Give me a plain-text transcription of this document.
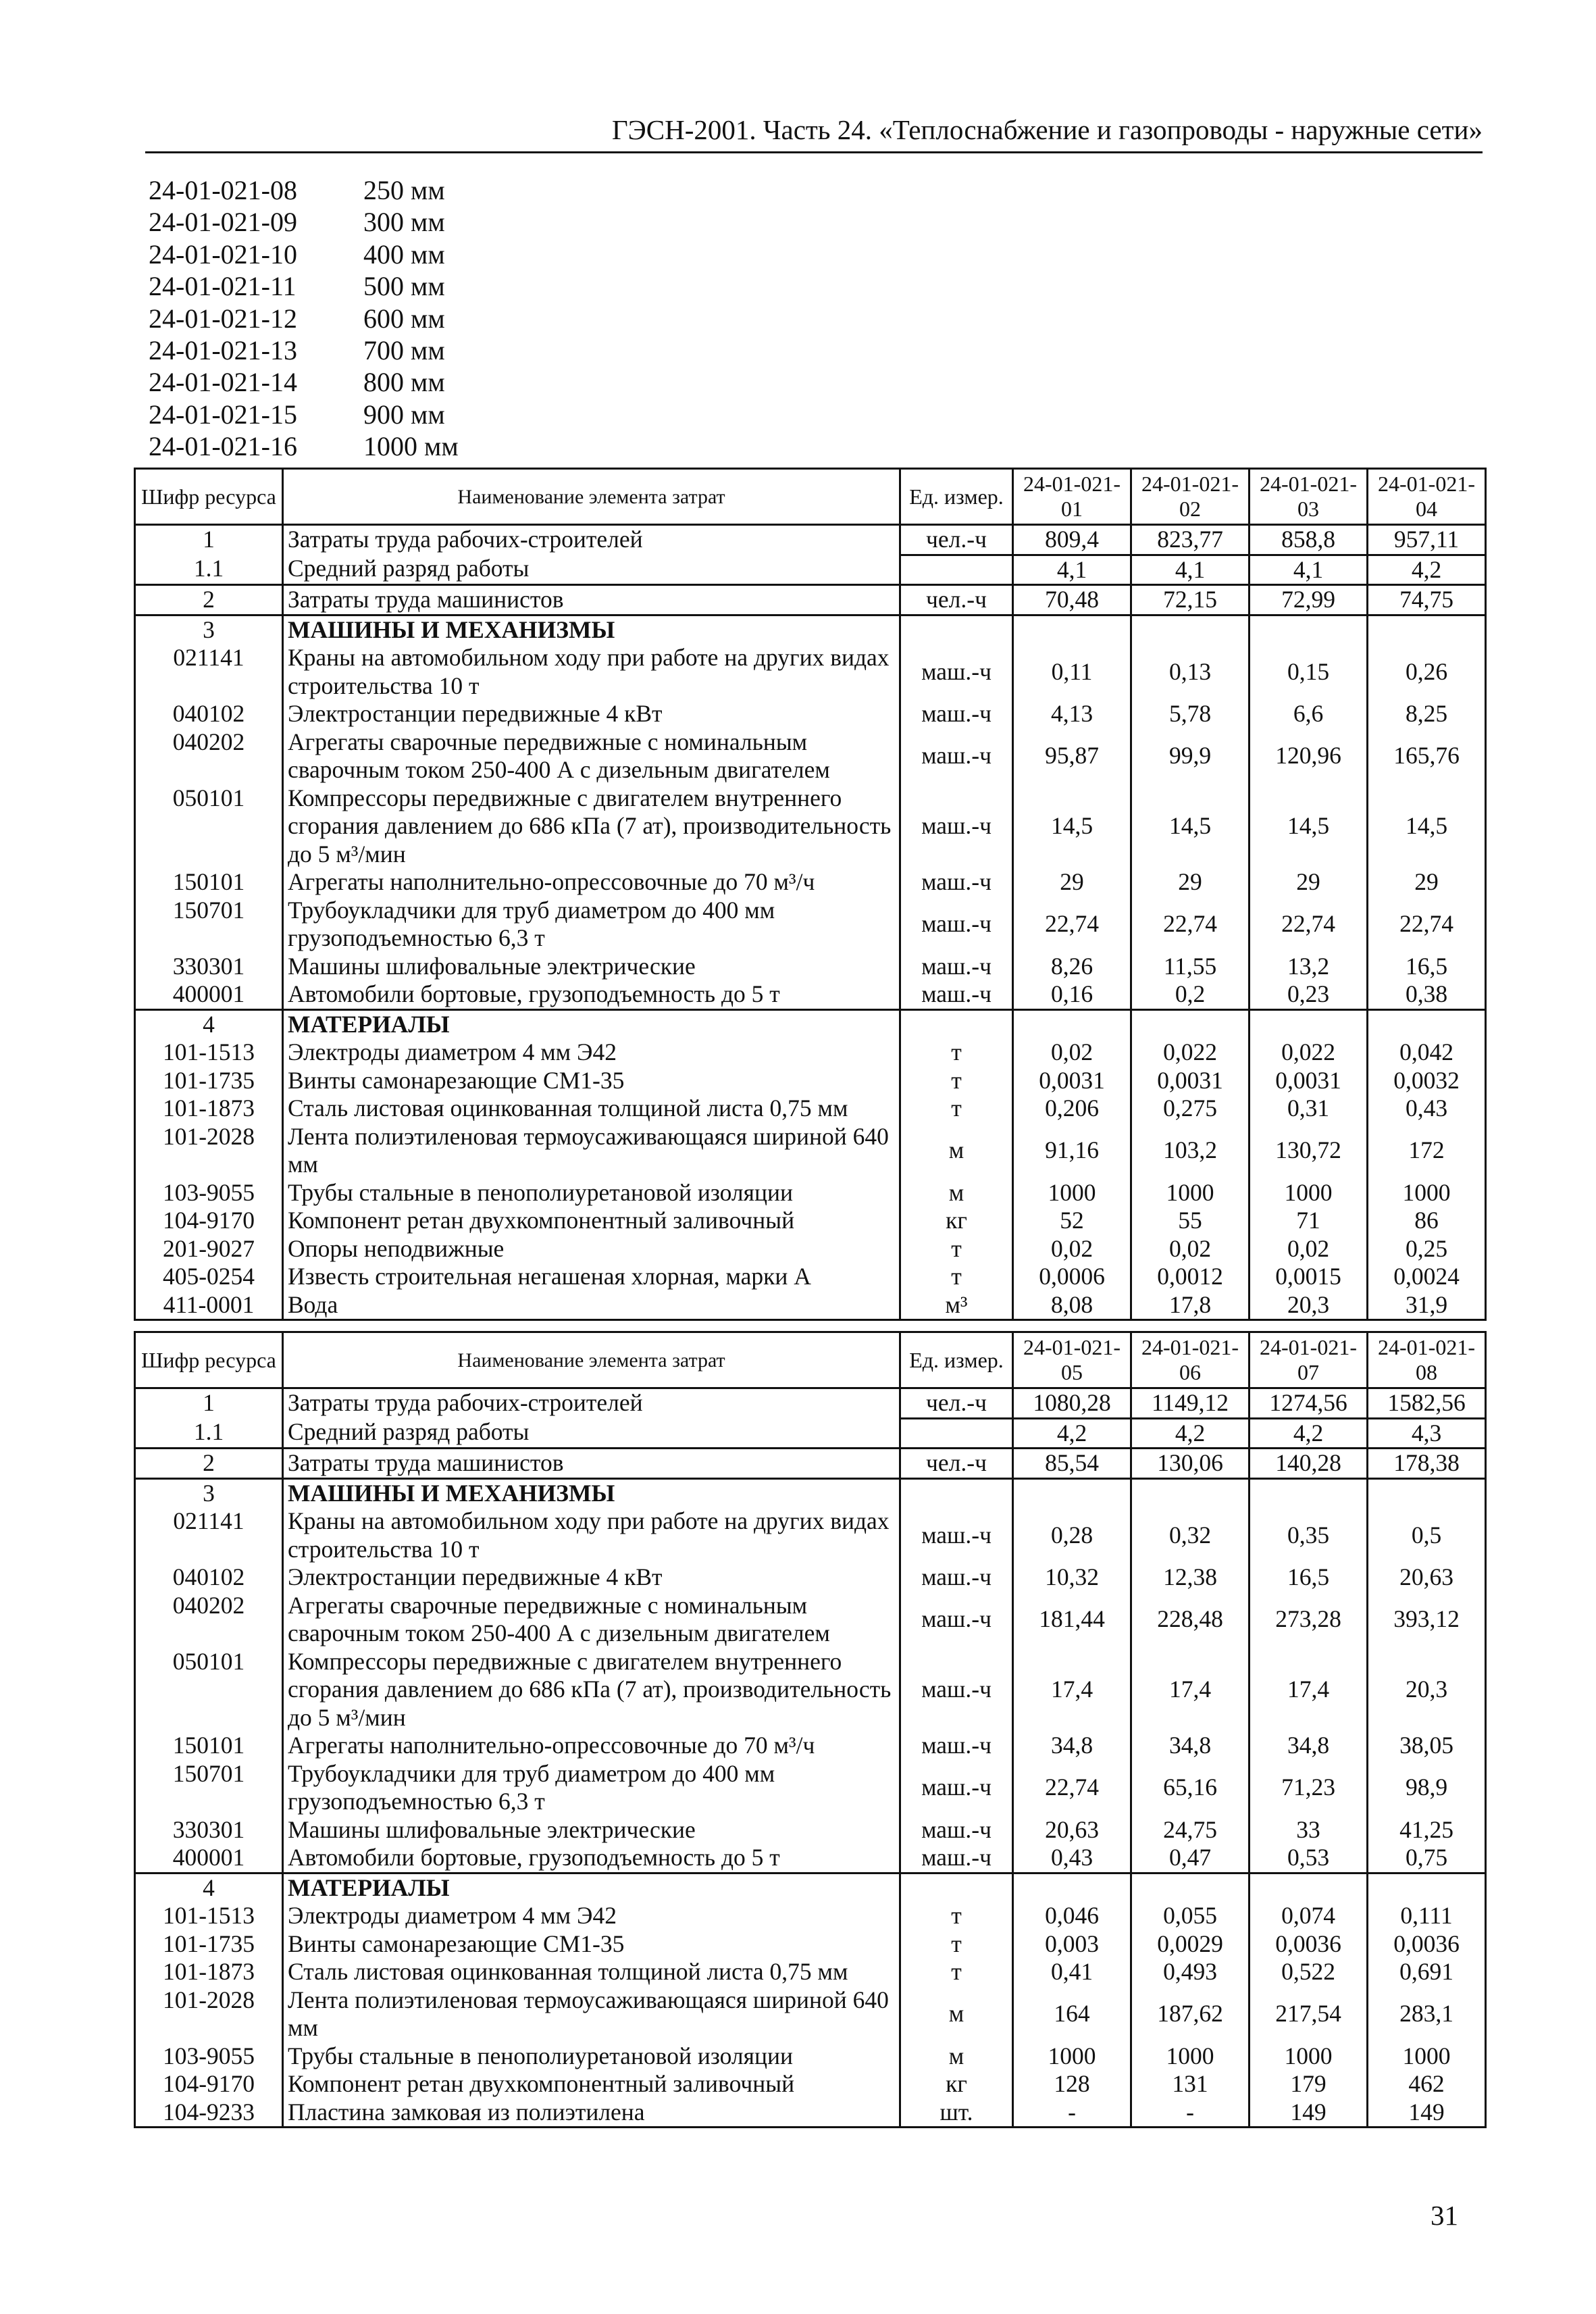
ГЭСН-2001. Часть 24. «Теплоснабжение и газопроводы - наружные сети»
24-01-021-08	250 мм
24-01-021-09	300 мм
24-01-021-10	400 мм
24-01-021-11	500 мм
24-01-021-12	600 мм
24-01-021-13	700 мм
24-01-021-14	800 мм
24-01-021-15	900 мм
24-01-021-16	1000 мм
Шифр ресурса	Наименование элемента затрат	Ед. измер.	24-01-021-01	24-01-021-02	24-01-021-03	24-01-021-04
1	Затраты труда рабочих-строителей	чел.-ч	809,4	823,77	858,8	957,11
1.1	Средний разряд работы		4,1	4,1	4,1	4,2
2	Затраты труда машинистов	чел.-ч	70,48	72,15	72,99	74,75
3	МАШИНЫ И МЕХАНИЗМЫ					
021141	Краны на автомобильном ходу при работе на других видах строительства 10 т	маш.-ч	0,11	0,13	0,15	0,26
040102	Электростанции передвижные 4 кВт	маш.-ч	4,13	5,78	6,6	8,25
040202	Агрегаты сварочные передвижные с номинальным сварочным током 250-400 А с дизельным двигателем	маш.-ч	95,87	99,9	120,96	165,76
050101	Компрессоры передвижные с двигателем внутреннего сгорания давлением до 686 кПа (7 ат), производительность до 5 м³/мин	маш.-ч	14,5	14,5	14,5	14,5
150101	Агрегаты наполнительно-опрессовочные до 70 м³/ч	маш.-ч	29	29	29	29
150701	Трубоукладчики для труб диаметром до 400 мм грузоподъемностью 6,3 т	маш.-ч	22,74	22,74	22,74	22,74
330301	Машины шлифовальные электрические	маш.-ч	8,26	11,55	13,2	16,5
400001	Автомобили бортовые, грузоподъемность до 5 т	маш.-ч	0,16	0,2	0,23	0,38
4	МАТЕРИАЛЫ					
101-1513	Электроды диаметром 4 мм Э42	т	0,02	0,022	0,022	0,042
101-1735	Винты самонарезающие СМ1-35	т	0,0031	0,0031	0,0031	0,0032
101-1873	Сталь листовая оцинкованная толщиной листа 0,75 мм	т	0,206	0,275	0,31	0,43
101-2028	Лента полиэтиленовая термоусаживающаяся шириной 640 мм	м	91,16	103,2	130,72	172
103-9055	Трубы стальные в пенополиуретановой изоляции	м	1000	1000	1000	1000
104-9170	Компонент ретан двухкомпонентный заливочный	кг	52	55	71	86
201-9027	Опоры неподвижные	т	0,02	0,02	0,02	0,25
405-0254	Известь строительная негашеная хлорная, марки А	т	0,0006	0,0012	0,0015	0,0024
411-0001	Вода	м³	8,08	17,8	20,3	31,9
Шифр ресурса	Наименование элемента затрат	Ед. измер.	24-01-021-05	24-01-021-06	24-01-021-07	24-01-021-08
1	Затраты труда рабочих-строителей	чел.-ч	1080,28	1149,12	1274,56	1582,56
1.1	Средний разряд работы		4,2	4,2	4,2	4,3
2	Затраты труда машинистов	чел.-ч	85,54	130,06	140,28	178,38
3	МАШИНЫ И МЕХАНИЗМЫ					
021141	Краны на автомобильном ходу при работе на других видах строительства 10 т	маш.-ч	0,28	0,32	0,35	0,5
040102	Электростанции передвижные 4 кВт	маш.-ч	10,32	12,38	16,5	20,63
040202	Агрегаты сварочные передвижные с номинальным сварочным током 250-400 А с дизельным двигателем	маш.-ч	181,44	228,48	273,28	393,12
050101	Компрессоры передвижные с двигателем внутреннего сгорания давлением до 686 кПа (7 ат), производительность до 5 м³/мин	маш.-ч	17,4	17,4	17,4	20,3
150101	Агрегаты наполнительно-опрессовочные до 70 м³/ч	маш.-ч	34,8	34,8	34,8	38,05
150701	Трубоукладчики для труб диаметром до 400 мм грузоподъемностью 6,3 т	маш.-ч	22,74	65,16	71,23	98,9
330301	Машины шлифовальные электрические	маш.-ч	20,63	24,75	33	41,25
400001	Автомобили бортовые, грузоподъемность до 5 т	маш.-ч	0,43	0,47	0,53	0,75
4	МАТЕРИАЛЫ					
101-1513	Электроды диаметром 4 мм Э42	т	0,046	0,055	0,074	0,111
101-1735	Винты самонарезающие СМ1-35	т	0,003	0,0029	0,0036	0,0036
101-1873	Сталь листовая оцинкованная толщиной листа 0,75 мм	т	0,41	0,493	0,522	0,691
101-2028	Лента полиэтиленовая термоусаживающаяся шириной 640 мм	м	164	187,62	217,54	283,1
103-9055	Трубы стальные в пенополиуретановой изоляции	м	1000	1000	1000	1000
104-9170	Компонент ретан двухкомпонентный заливочный	кг	128	131	179	462
104-9233	Пластина замковая из полиэтилена	шт.	-	-	149	149
31
